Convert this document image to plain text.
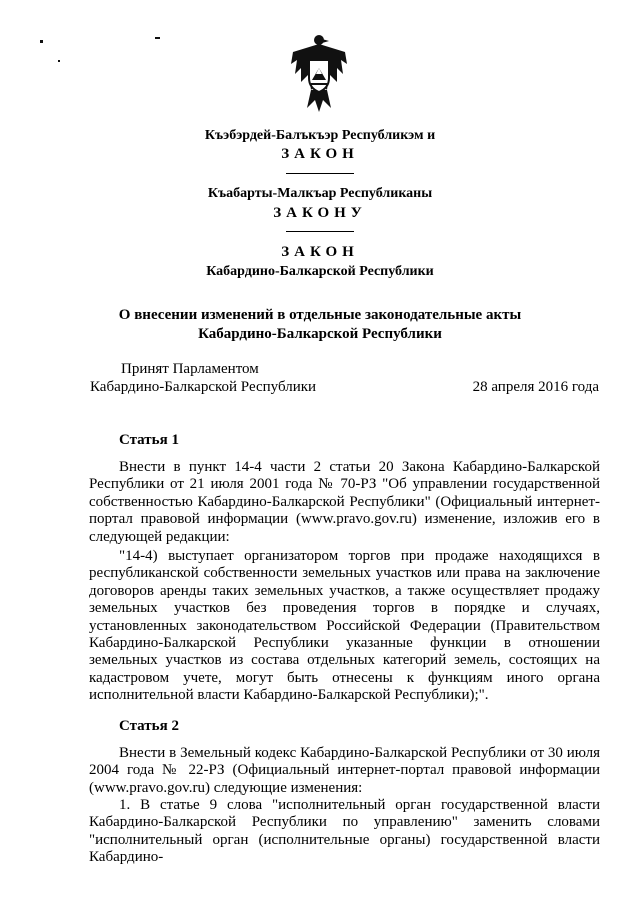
Къэбэрдей-Балъкъэр Республикэм и
ЗАКОН
Къабарты-Малкъар Республиканы
ЗАКОНУ
ЗАКОН
Кабардино-Балкарской Республики
О внесении изменений в отдельные законодательные акты
Кабардино-Балкарской Республики
Принят Парламентом
Кабардино-Балкарской Республики	28 апреля 2016 года
Статья 1

Внести в пункт 14-4 части 2 статьи 20 Закона Кабардино-Балкарской Республики от 21 июля 2001 года № 70-РЗ "Об управлении государственной собственностью Кабардино-Балкарской Республики" (Официальный интернет-портал правовой информации (www.pravo.gov.ru) изменение, изложив его в следующей редакции:

"14-4) выступает организатором торгов при продаже находящихся в республиканской собственности земельных участков или права на заключение договоров аренды таких земельных участков, а также осуществляет продажу земельных участков без проведения торгов в порядке и случаях, установленных законодательством Российской Федерации (Правительством Кабардино-Балкарской Республики указанные функции в отношении земельных участков из состава отдельных категорий земель, состоящих на кадастровом учете, могут быть отнесены к функциям иного органа исполнительной власти Кабардино-Балкарской Республики);".

Статья 2

Внести в Земельный кодекс Кабардино-Балкарской Республики от 30 июля 2004 года № 22-РЗ (Официальный интернет-портал правовой информации (www.pravo.gov.ru) следующие изменения:

1. В статье 9 слова "исполнительный орган государственной власти Кабардино-Балкарской Республики по управлению" заменить словами "исполнительный орган (исполнительные органы) государственной власти Кабардино-
